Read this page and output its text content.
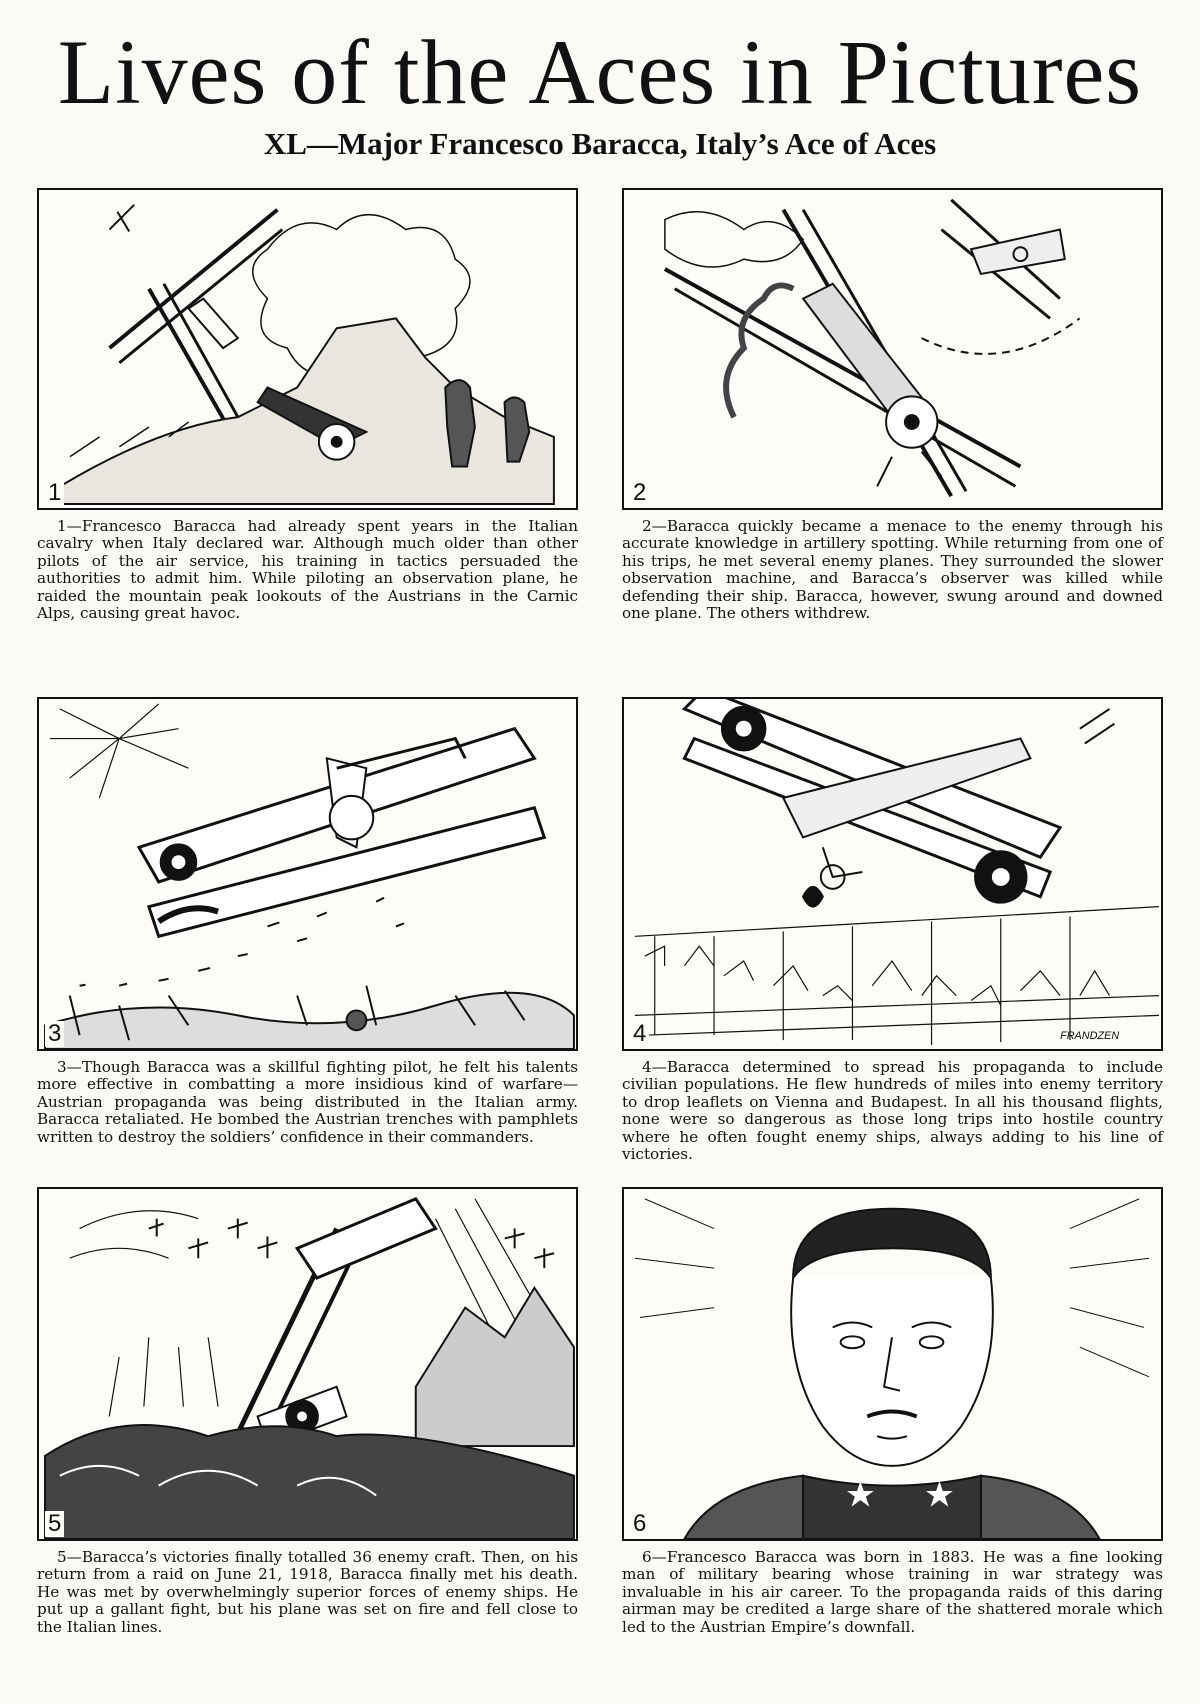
Lives of the Aces in Pictures
XL—Major Francesco Baracca, Italy’s Ace of Aces
1

1—Francesco Baracca had already spent years in the Italian cavalry when Italy declared war. Although much older than other pilots of the air service, his training in tactics persuaded the authorities to admit him. While piloting an observation plane, he raided the mountain peak lookouts of the Austrians in the Carnic Alps, causing great havoc.

2

2—Baracca quickly became a menace to the enemy through his accurate knowledge in artillery spotting. While returning from one of his trips, he met several enemy planes. They surrounded the slower observation machine, and Baracca’s observer was killed while defending their ship. Baracca, however, swung around and downed one plane. The others withdrew.

3

3—Though Baracca was a skillful fighting pilot, he felt his talents more effective in combatting a more insidious kind of warfare—Austrian propaganda was being distributed in the Italian army. Baracca retaliated. He bombed the Austrian trenches with pamphlets written to destroy the soldiers’ confidence in their commanders.

FRANDZEN
4

4—Baracca determined to spread his propaganda to include civilian populations. He flew hundreds of miles into enemy territory to drop leaflets on Vienna and Budapest. In all his thousand flights, none were so dangerous as those long trips into hostile country where he often fought enemy ships, always adding to his line of victories.

5

5—Baracca’s victories finally totalled 36 enemy craft. Then, on his return from a raid on June 21, 1918, Baracca finally met his death. He was met by overwhelmingly superior forces of enemy ships. He put up a gallant fight, but his plane was set on fire and fell close to the Italian lines.

6

6—Francesco Baracca was born in 1883. He was a fine looking man of military bearing whose training in war strategy was invaluable in his air career. To the propaganda raids of this daring airman may be credited a large share of the shattered morale which led to the Austrian Empire’s downfall.
